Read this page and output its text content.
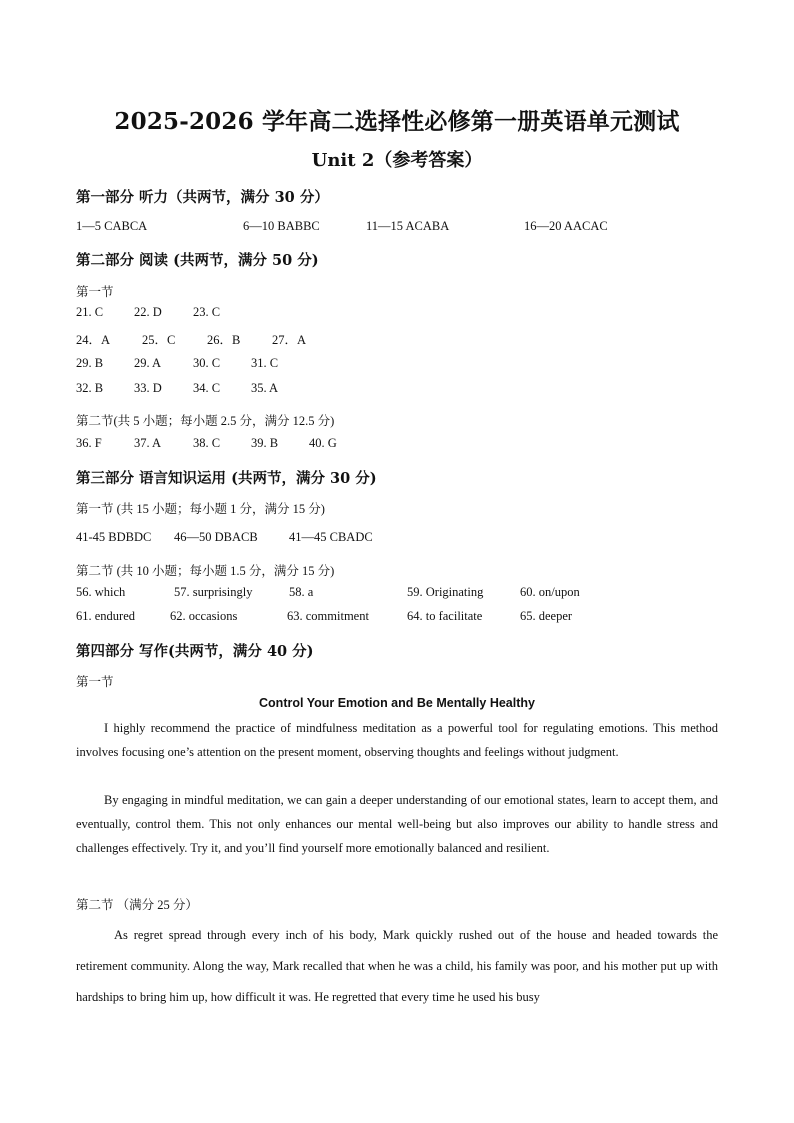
2025-2026 学年高二选择性必修第一册英语单元测试
Unit 2（参考答案）
第一部分 听力（共两节，满分 30 分）
1—5 CABCA	6—10 BABBC	11—15 ACABA	16—20 AACAC
第二部分 阅读 (共两节，满分 50 分)
第一节
21. C 22. D 23. C
24．A	25．C	26．B	27．A
29. B 29. A	30. C 31. C
32. B 33. D 34. C 35. A
第二节(共 5 小题；每小题 2.5 分，满分 12.5 分)
36. F	37. A	38. C 39. B 40. G
第三部分 语言知识运用 (共两节，满分 30 分)
第一节 (共 15 小题；每小题 1 分，满分 15 分)
41-45 BDBDC 46—50 DBACB	41—45 CBADC
第二节 (共 10 小题；每小题 1.5 分，满分 15 分)
56. which	57. surprisingly	58. a	59. Originating	60. on/upon
61. endured	62. occasions	63. commitment	64. to facilitate	65. deeper
第四部分 写作(共两节，满分 40 分)
第一节
Control Your Emotion and Be Mentally Healthy
I highly recommend the practice of mindfulness meditation as a powerful tool for regulating emotions. This method involves focusing one’s attention on the present moment, observing thoughts and feelings without judgment.
By engaging in mindful meditation, we can gain a deeper understanding of our emotional states, learn to accept them, and eventually, control them. This not only enhances our mental well-being but also improves our ability to handle stress and challenges effectively. Try it, and you’ll find yourself more emotionally balanced and resilient.
第二节 （满分 25 分）
As regret spread through every inch of his body, Mark quickly rushed out of the house and headed towards the retirement community. Along the way, Mark recalled that when he was a child, his family was poor, and his mother put up with hardships to bring him up, how difficult it was. He regretted that every time he used his busy
